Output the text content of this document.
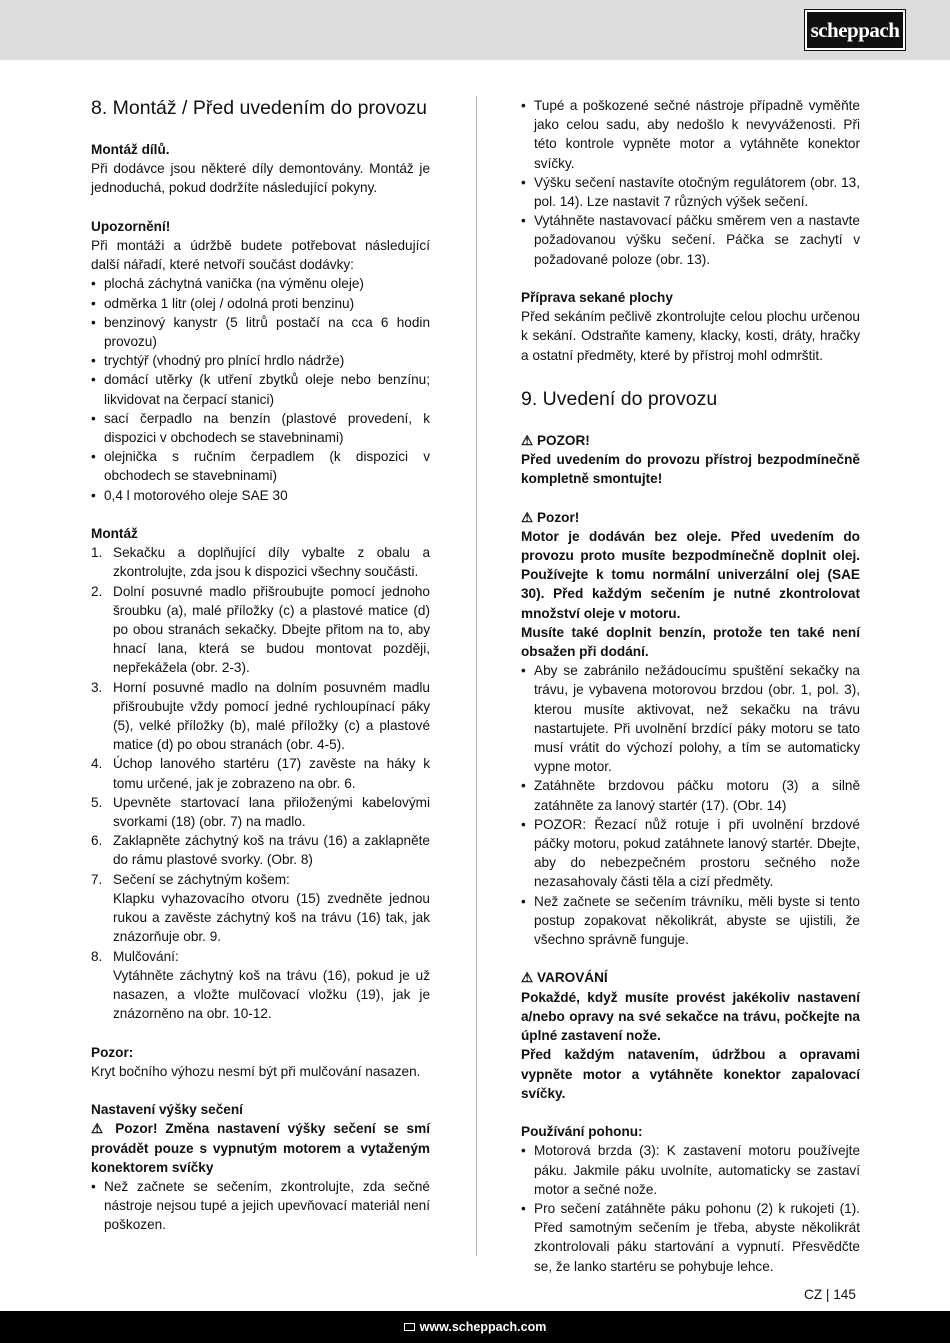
scheppach
8. Montáž / Před uvedením do provozu
Montáž dílů.

Při dodávce jsou některé díly demontovány. Montáž je jednoduchá, pokud dodržíte následující pokyny.

Upozornění!

Při montáži a údržbě budete potřebovat následující další nářadí, které netvoří součást dodávky:

• plochá záchytná vanička (na výměnu oleje)
• odměrka 1 litr (olej / odolná proti benzinu)
• benzinový kanystr (5 litrů postačí na cca 6 hodin provozu)
• trychtýř (vhodný pro plnící hrdlo nádrže)
• domácí utěrky (k utření zbytků oleje nebo benzínu; likvidovat na čerpací stanici)
• sací čerpadlo na benzín (plastové provedení, k dispozici v obchodech se stavebninami)
• olejnička s ručním čerpadlem (k dispozici v obchodech se stavebninami)
• 0,4 l motorového oleje SAE 30
Montáž
1. Sekačku a doplňující díly vybalte z obalu a zkontrolujte, zda jsou k dispozici všechny součásti.
2. Dolní posuvné madlo přišroubujte pomocí jednoho šroubku (a), malé příložky (c) a plastové matice (d) po obou stranách sekačky. Dbejte přitom na to, aby hnací lana, která se budou montovat později, nepřekážela (obr. 2-3).
3. Horní posuvné madlo na dolním posuvném madlu přišroubujte vždy pomocí jedné rychloupínací páky (5), velké příložky (b), malé příložky (c) a plastové matice (d) po obou stranách (obr. 4-5).
4. Úchop lanového startéru (17) zavěste na háky k tomu určené, jak je zobrazeno na obr. 6.
5. Upevněte startovací lana přiloženými kabelovými svorkami (18) (obr. 7) na madlo.
6. Zaklapněte záchytný koš na trávu (16) a zaklapněte do rámu plastové svorky. (Obr. 8)
7. Sečení se záchytným košem:
Klapku vyhazovacího otvoru (15) zvedněte jednou rukou a zavěste záchytný koš na trávu (16) tak, jak znázorňuje obr. 9.
8. Mulčování:
Vytáhněte záchytný koš na trávu (16), pokud je už nasazen, a vložte mulčovací vložku (19), jak je znázorněno na obr. 10-12.
Pozor:

Kryt bočního výhozu nesmí být při mulčování nasazen.

Nastavení výšky sečení

⚠ Pozor! Změna nastavení výšky sečení se smí provádět pouze s vypnutým motorem a vytaženým konektorem svíčky

• Než začnete se sečením, zkontrolujte, zda sečné nástroje nejsou tupé a jejich upevňovací materiál není poškozen.
• Tupé a poškozené sečné nástroje případně vyměňte jako celou sadu, aby nedošlo k nevyváženosti. Při této kontrole vypněte motor a vytáhněte konektor svíčky.
• Výšku sečení nastavíte otočným regulátorem (obr. 13, pol. 14). Lze nastavit 7 různých výšek sečení.
• Vytáhněte nastavovací páčku směrem ven a nastavte požadovanou výšku sečení. Páčka se zachytí v požadované poloze (obr. 13).
Příprava sekané plochy

Před sekáním pečlivě zkontrolujte celou plochu určenou k sekání. Odstraňte kameny, klacky, kosti, dráty, hračky a ostatní předměty, které by přístroj mohl odmrštit.

9. Uvedení do provozu
⚠ POZOR!

Před uvedením do provozu přístroj bezpodmínečně kompletně smontujte!

⚠ Pozor!

Motor je dodáván bez oleje. Před uvedením do provozu proto musíte bezpodmínečně doplnit olej. Používejte k tomu normální univerzální olej (SAE 30). Před každým sečením je nutné zkontrolovat množství oleje v motoru.

Musíte také doplnit benzín, protože ten také není obsažen při dodání.

• Aby se zabránilo nežádoucímu spuštění sekačky na trávu, je vybavena motorovou brzdou (obr. 1, pol. 3), kterou musíte aktivovat, než sekačku na trávu nastartujete. Při uvolnění brzdící páky motoru se tato musí vrátit do výchozí polohy, a tím se automaticky vypne motor.
• Zatáhněte brzdovou páčku motoru (3) a silně zatáhněte za lanový startér (17). (Obr. 14)
• POZOR: Řezací nůž rotuje i při uvolnění brzdové páčky motoru, pokud zatáhnete lanový startér. Dbejte, aby do nebezpečném prostoru sečného nože nezasahovaly části těla a cizí předměty.
• Než začnete se sečením trávníku, měli byste si tento postup zopakovat několikrát, abyste se ujistili, že všechno správně funguje.
⚠ VAROVÁNÍ

Pokaždé, když musíte provést jakékoliv nastavení a/nebo opravy na své sekačce na trávu, počkejte na úplné zastavení nože.

Před každým natavením, údržbou a opravami vypněte motor a vytáhněte konektor zapalovací svíčky.

Používání pohonu:
• Motorová brzda (3): K zastavení motoru používejte páku. Jakmile páku uvolníte, automaticky se zastaví motor a sečné nože.
• Pro sečení zatáhněte páku pohonu (2) k rukojeti (1). Před samotným sečením je třeba, abyste několikrát zkontrolovali páku startování a vypnutí. Přesvědčte se, že lanko startéru se pohybuje lehce.
CZ | 145
www.scheppach.com
